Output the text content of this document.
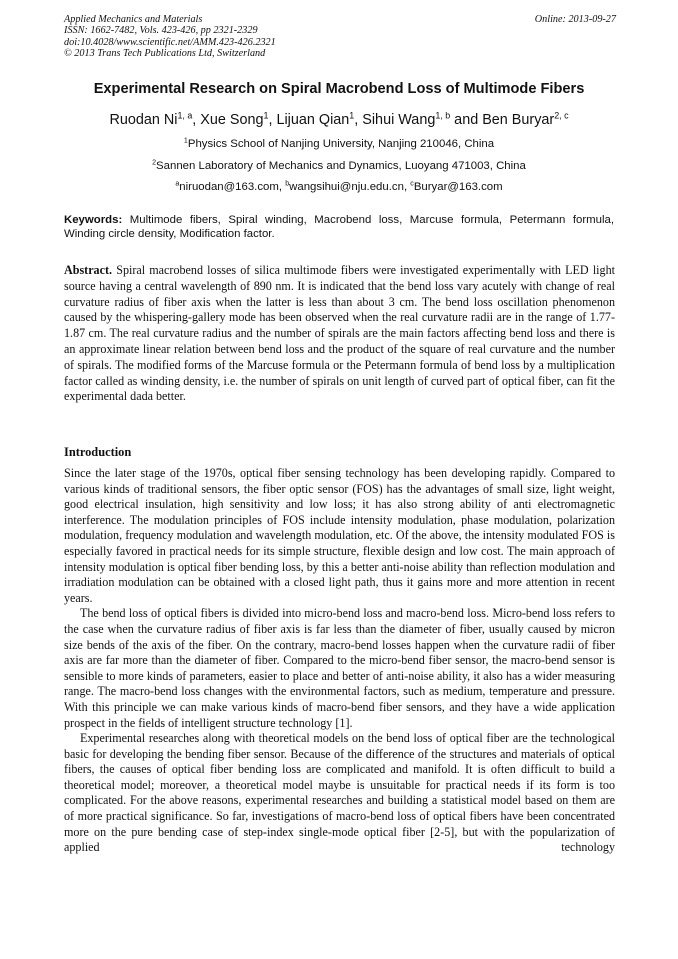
Applied Mechanics and Materials
ISSN: 1662-7482, Vols. 423-426, pp 2321-2329
doi:10.4028/www.scientific.net/AMM.423-426.2321
© 2013 Trans Tech Publications Ltd, Switzerland
Online: 2013-09-27
Experimental Research on Spiral Macrobend Loss of Multimode Fibers
Ruodan Ni$^{1, a}$, Xue Song$^1$, Lijuan Qian$^1$, Sihui Wang$^{1, b}$ and Ben Buryar$^{2, c}$
$^1$Physics School of Nanjing University, Nanjing 210046, China
$^2$Sannen Laboratory of Mechanics and Dynamics, Luoyang 471003, China
$^a$niruodan@163.com, $^b$wangsihui@nju.edu.cn, $^c$Buryar@163.com
Keywords: Multimode fibers, Spiral winding, Macrobend loss, Marcuse formula, Petermann formula, Winding circle density, Modification factor.
Abstract. Spiral macrobend losses of silica multimode fibers were investigated experimentally with LED light source having a central wavelength of 890 nm. It is indicated that the bend loss vary acutely with change of real curvature radius of fiber axis when the latter is less than about 3 cm. The bend loss oscillation phenomenon caused by the whispering-gallery mode has been observed when the real curvature radii are in the range of 1.77-1.87 cm. The real curvature radius and the number of spirals are the main factors affecting bend loss and there is an approximate linear relation between bend loss and the product of the square of real curvature and the number of spirals. The modified forms of the Marcuse formula or the Petermann formula of bend loss by a multiplication factor called as winding density, i.e. the number of spirals on unit length of curved part of optical fiber, can fit the experimental dada better.
Introduction

Since the later stage of the 1970s, optical fiber sensing technology has been developing rapidly. Compared to various kinds of traditional sensors, the fiber optic sensor (FOS) has the advantages of small size, light weight, good electrical insulation, high sensitivity and low loss; it has also strong ability of anti electromagnetic interference. The modulation principles of FOS include intensity modulation, phase modulation, polarization modulation, frequency modulation and wavelength modulation, etc. Of the above, the intensity modulated FOS is especially favored in practical needs for its simple structure, flexible design and low cost. The main approach of intensity modulation is optical fiber bending loss, by this a better anti-noise ability than reflection modulation and irradiation modulation can be obtained with a closed light path, thus it gains more and more attention in recent years.

The bend loss of optical fibers is divided into micro-bend loss and macro-bend loss. Micro-bend loss refers to the case when the curvature radius of fiber axis is far less than the diameter of fiber, usually caused by micron size bends of the axis of the fiber. On the contrary, macro-bend losses happen when the curvature radii of fiber axis are far more than the diameter of fiber. Compared to the micro-bend fiber sensor, the macro-bend sensor is sensible to more kinds of parameters, easier to place and better of anti-noise ability, it also has a wider measuring range. The macro-bend loss changes with the environmental factors, such as medium, temperature and pressure. With this principle we can make various kinds of macro-bend fiber sensors, and they have a wide application prospect in the fields of intelligent structure technology [1].

Experimental researches along with theoretical models on the bend loss of optical fiber are the technological basic for developing the bending fiber sensor. Because of the difference of the structures and materials of optical fibers, the causes of optical fiber bending loss are complicated and manifold. It is often difficult to build a theoretical model; moreover, a theoretical model maybe is unsuitable for practical needs if its form is too complicated. For the above reasons, experimental researches and building a statistical model based on them are of more practical significance. So far, investigations of macro-bend loss of optical fibers have been concentrated more on the pure bending case of step-index single-mode optical fiber [2-5], but with the popularization of applied technology
